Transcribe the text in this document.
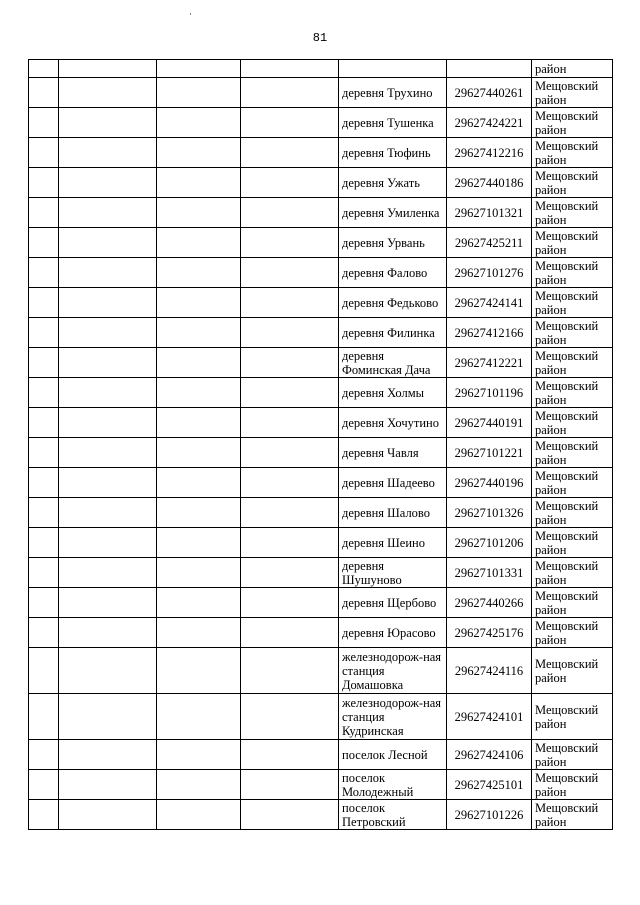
81
						район
				деревня Трухино	29627440261	Мещовский район
				деревня Тушенка	29627424221	Мещовский район
				деревня Тюфинь	29627412216	Мещовский район
				деревня Ужать	29627440186	Мещовский район
				деревня Умиленка	29627101321	Мещовский район
				деревня Урвань	29627425211	Мещовский район
				деревня Фалово	29627101276	Мещовский район
				деревня Федьково	29627424141	Мещовский район
				деревня Филинка	29627412166	Мещовский район
				деревня Фоминская Дача	29627412221	Мещовский район
				деревня Холмы	29627101196	Мещовский район
				деревня Хочутино	29627440191	Мещовский район
				деревня Чавля	29627101221	Мещовский район
				деревня Шадеево	29627440196	Мещовский район
				деревня Шалово	29627101326	Мещовский район
				деревня Шеино	29627101206	Мещовский район
				деревня Шушуново	29627101331	Мещовский район
				деревня Щербово	29627440266	Мещовский район
				деревня Юрасово	29627425176	Мещовский район
				железнодорож-ная станция Домашовка	29627424116	Мещовский район
				железнодорож-ная станция Кудринская	29627424101	Мещовский район
				поселок Лесной	29627424106	Мещовский район
				поселок Молодежный	29627425101	Мещовский район
				поселок Петровский	29627101226	Мещовский район
